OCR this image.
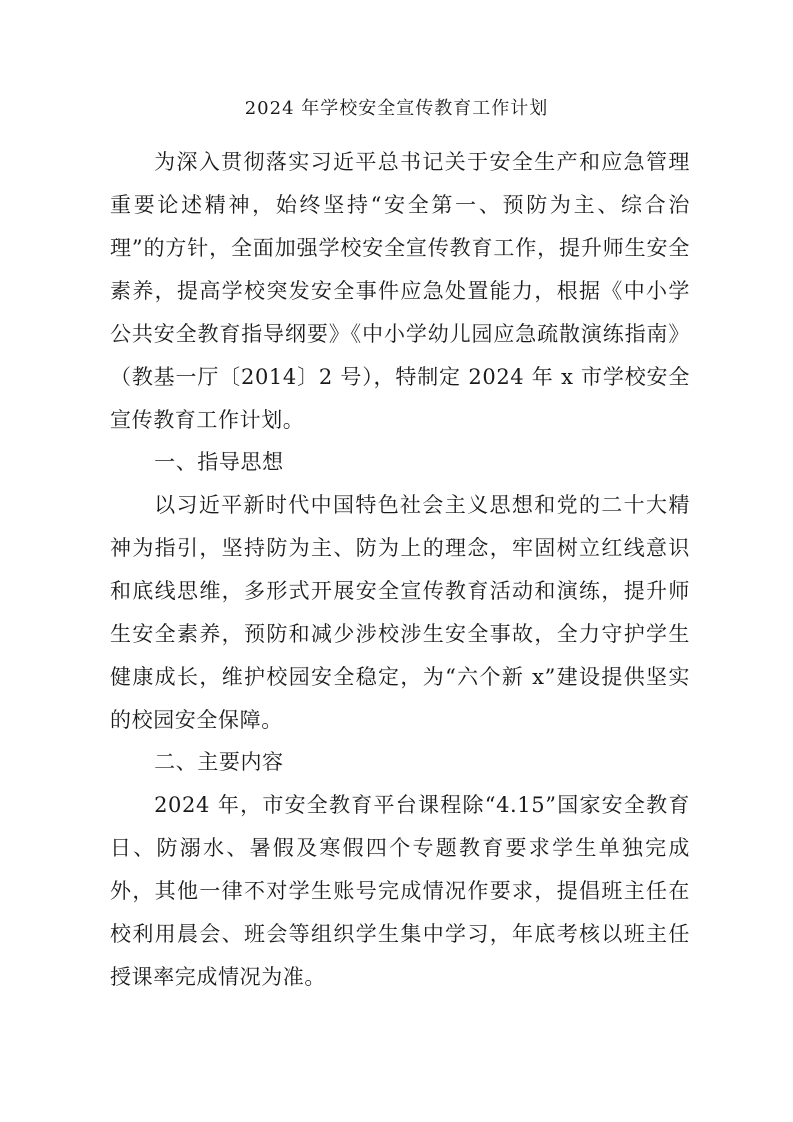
2024 年学校安全宣传教育工作计划

为深入贯彻落实习近平总书记关于安全生产和应急管理重要论述精神，始终坚持“安全第一、预防为主、综合治理”的方针，全面加强学校安全宣传教育工作，提升师生安全素养，提高学校突发安全事件应急处置能力，根据《中小学公共安全教育指导纲要》《中小学幼儿园应急疏散演练指南》（教基一厅〔2014〕2 号），特制定 2024 年 x 市学校安全宣传教育工作计划。

一、指导思想

以习近平新时代中国特色社会主义思想和党的二十大精神为指引，坚持防为主、防为上的理念，牢固树立红线意识和底线思维，多形式开展安全宣传教育活动和演练，提升师生安全素养，预防和减少涉校涉生安全事故，全力守护学生健康成长，维护校园安全稳定，为“六个新 x”建设提供坚实的校园安全保障。

二、主要内容

2024 年，市安全教育平台课程除“4.15”国家安全教育日、防溺水、暑假及寒假四个专题教育要求学生单独完成外，其他一律不对学生账号完成情况作要求，提倡班主任在校利用晨会、班会等组织学生集中学习，年底考核以班主任授课率完成情况为准。
